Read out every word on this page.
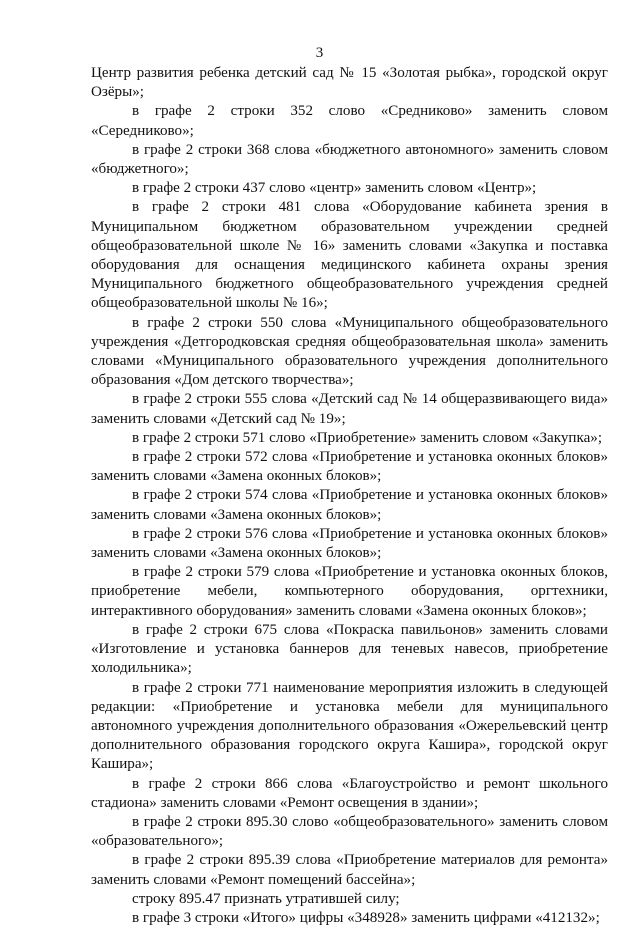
3

Центр развития ребенка детский сад № 15 «Золотая рыбка», городской округ Озёры»;

в графе 2 строки 352 слово «Средниково» заменить словом «Середниково»;

в графе 2 строки 368 слова «бюджетного автономного» заменить словом «бюджетного»;

в графе 2 строки 437 слово «центр» заменить словом «Центр»;

в графе 2 строки 481 слова «Оборудование кабинета зрения в Муниципальном бюджетном образовательном учреждении средней общеобразовательной школе № 16» заменить словами «Закупка и поставка оборудования для оснащения медицинского кабинета охраны зрения Муниципального бюджетного общеобразовательного учреждения средней общеобразовательной школы № 16»;

в графе 2 строки 550 слова «Муниципального общеобразовательного учреждения «Детгородковская средняя общеобразовательная школа» заменить словами «Муниципального образовательного учреждения дополнительного образования «Дом детского творчества»;

в графе 2 строки 555 слова «Детский сад № 14 общеразвивающего вида» заменить словами «Детский сад № 19»;

в графе 2 строки 571 слово «Приобретение» заменить словом «Закупка»;

в графе 2 строки 572 слова «Приобретение и установка оконных блоков» заменить словами «Замена оконных блоков»;

в графе 2 строки 574 слова «Приобретение и установка оконных блоков» заменить словами «Замена оконных блоков»;

в графе 2 строки 576 слова «Приобретение и установка оконных блоков» заменить словами «Замена оконных блоков»;

в графе 2 строки 579 слова «Приобретение и установка оконных блоков, приобретение мебели, компьютерного оборудования, оргтехники, интерактивного оборудования» заменить словами «Замена оконных блоков»;

в графе 2 строки 675 слова «Покраска павильонов» заменить словами «Изготовление и установка баннеров для теневых навесов, приобретение холодильника»;

в графе 2 строки 771 наименование мероприятия изложить в следующей редакции: «Приобретение и установка мебели для муниципального автономного учреждения дополнительного образования «Ожерельевский центр дополнительного образования городского округа Кашира», городской округ Кашира»;

в графе 2 строки 866 слова «Благоустройство и ремонт школьного стадиона» заменить словами «Ремонт освещения в здании»;

в графе 2 строки 895.30 слово «общеобразовательного» заменить словом «образовательного»;

в графе 2 строки 895.39 слова «Приобретение материалов для ремонта» заменить словами «Ремонт помещений бассейна»;

строку 895.47 признать утратившей силу;

в графе 3 строки «Итого» цифры «348928» заменить цифрами «412132»;
